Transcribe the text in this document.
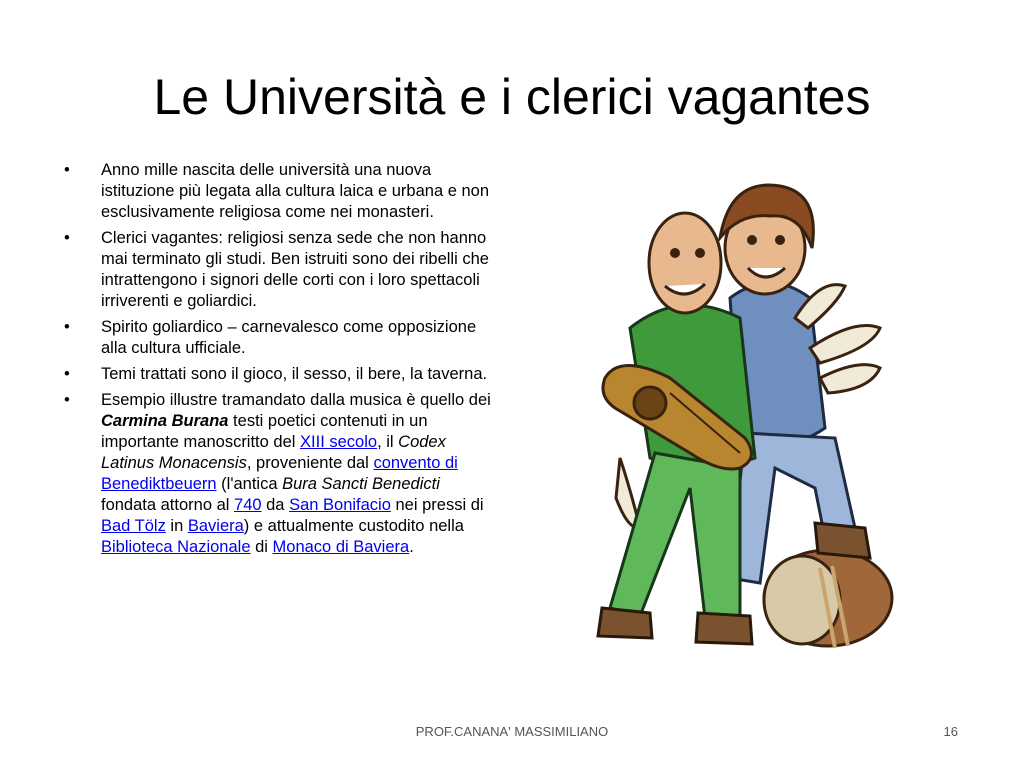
Le Università e i clerici vagantes
• Anno mille nascita delle università una nuova istituzione più legata alla cultura laica e urbana e non esclusivamente religiosa come nei monasteri.
• Clerici vagantes: religiosi senza sede che non hanno mai terminato gli studi. Ben istruiti sono dei ribelli che intrattengono i signori delle corti con i loro spettacoli irriverenti e goliardici.
• Spirito goliardico – carnevalesco come opposizione alla cultura ufficiale.
• Temi trattati sono il gioco, il sesso, il bere, la taverna.
• Esempio illustre tramandato dalla musica è quello dei Carmina Burana testi poetici contenuti in un importante manoscritto del XIII secolo, il Codex Latinus Monacensis, proveniente dal convento di Benediktbeuern (l'antica Bura Sancti Benedicti fondata attorno al 740 da San Bonifacio nei pressi di Bad Tölz in Baviera) e attualmente custodito nella Biblioteca Nazionale di Monaco di Baviera.
PROF.CANANA' MASSIMILIANO	16
